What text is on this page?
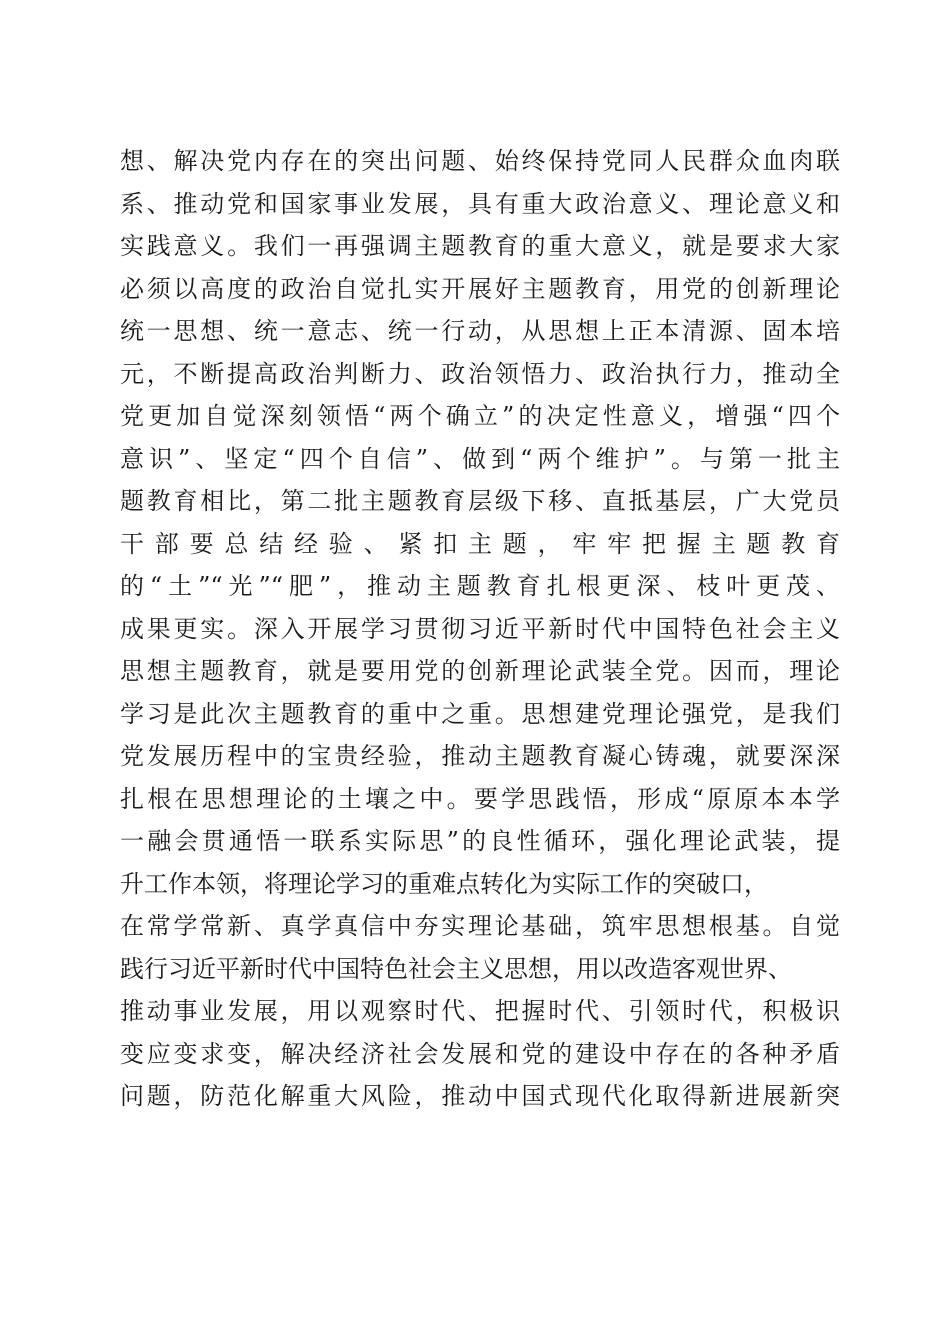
想、解决党内存在的突出问题、始终保持党同人民群众血肉联
系、推动党和国家事业发展，具有重大政治意义、理论意义和
实践意义。我们一再强调主题教育的重大意义，就是要求大家
必须以高度的政治自觉扎实开展好主题教育，用党的创新理论
统一思想、统一意志、统一行动，从思想上正本清源、固本培
元，不断提高政治判断力、政治领悟力、政治执行力，推动全
党更加自觉深刻领悟“两个确立”的决定性意义，增强“四个
意识”、坚定“四个自信”、做到“两个维护”。与第一批主
题教育相比，第二批主题教育层级下移、直抵基层，广大党员
干部要总结经验、紧扣主题，牢牢把握主题教育
的“土”“光”“肥”，推动主题教育扎根更深、枝叶更茂、
成果更实。深入开展学习贯彻习近平新时代中国特色社会主义
思想主题教育，就是要用党的创新理论武装全党。因而，理论
学习是此次主题教育的重中之重。思想建党理论强党，是我们
党发展历程中的宝贵经验，推动主题教育凝心铸魂，就要深深
扎根在思想理论的土壤之中。要学思践悟，形成“原原本本学
一融会贯通悟一联系实际思”的良性循环，强化理论武装，提
升工作本领，将理论学习的重难点转化为实际工作的突破口，
在常学常新、真学真信中夯实理论基础，筑牢思想根基。自觉
践行习近平新时代中国特色社会主义思想，用以改造客观世界、
推动事业发展，用以观察时代、把握时代、引领时代，积极识
变应变求变，解决经济社会发展和党的建设中存在的各种矛盾
问题，防范化解重大风险，推动中国式现代化取得新进展新突
